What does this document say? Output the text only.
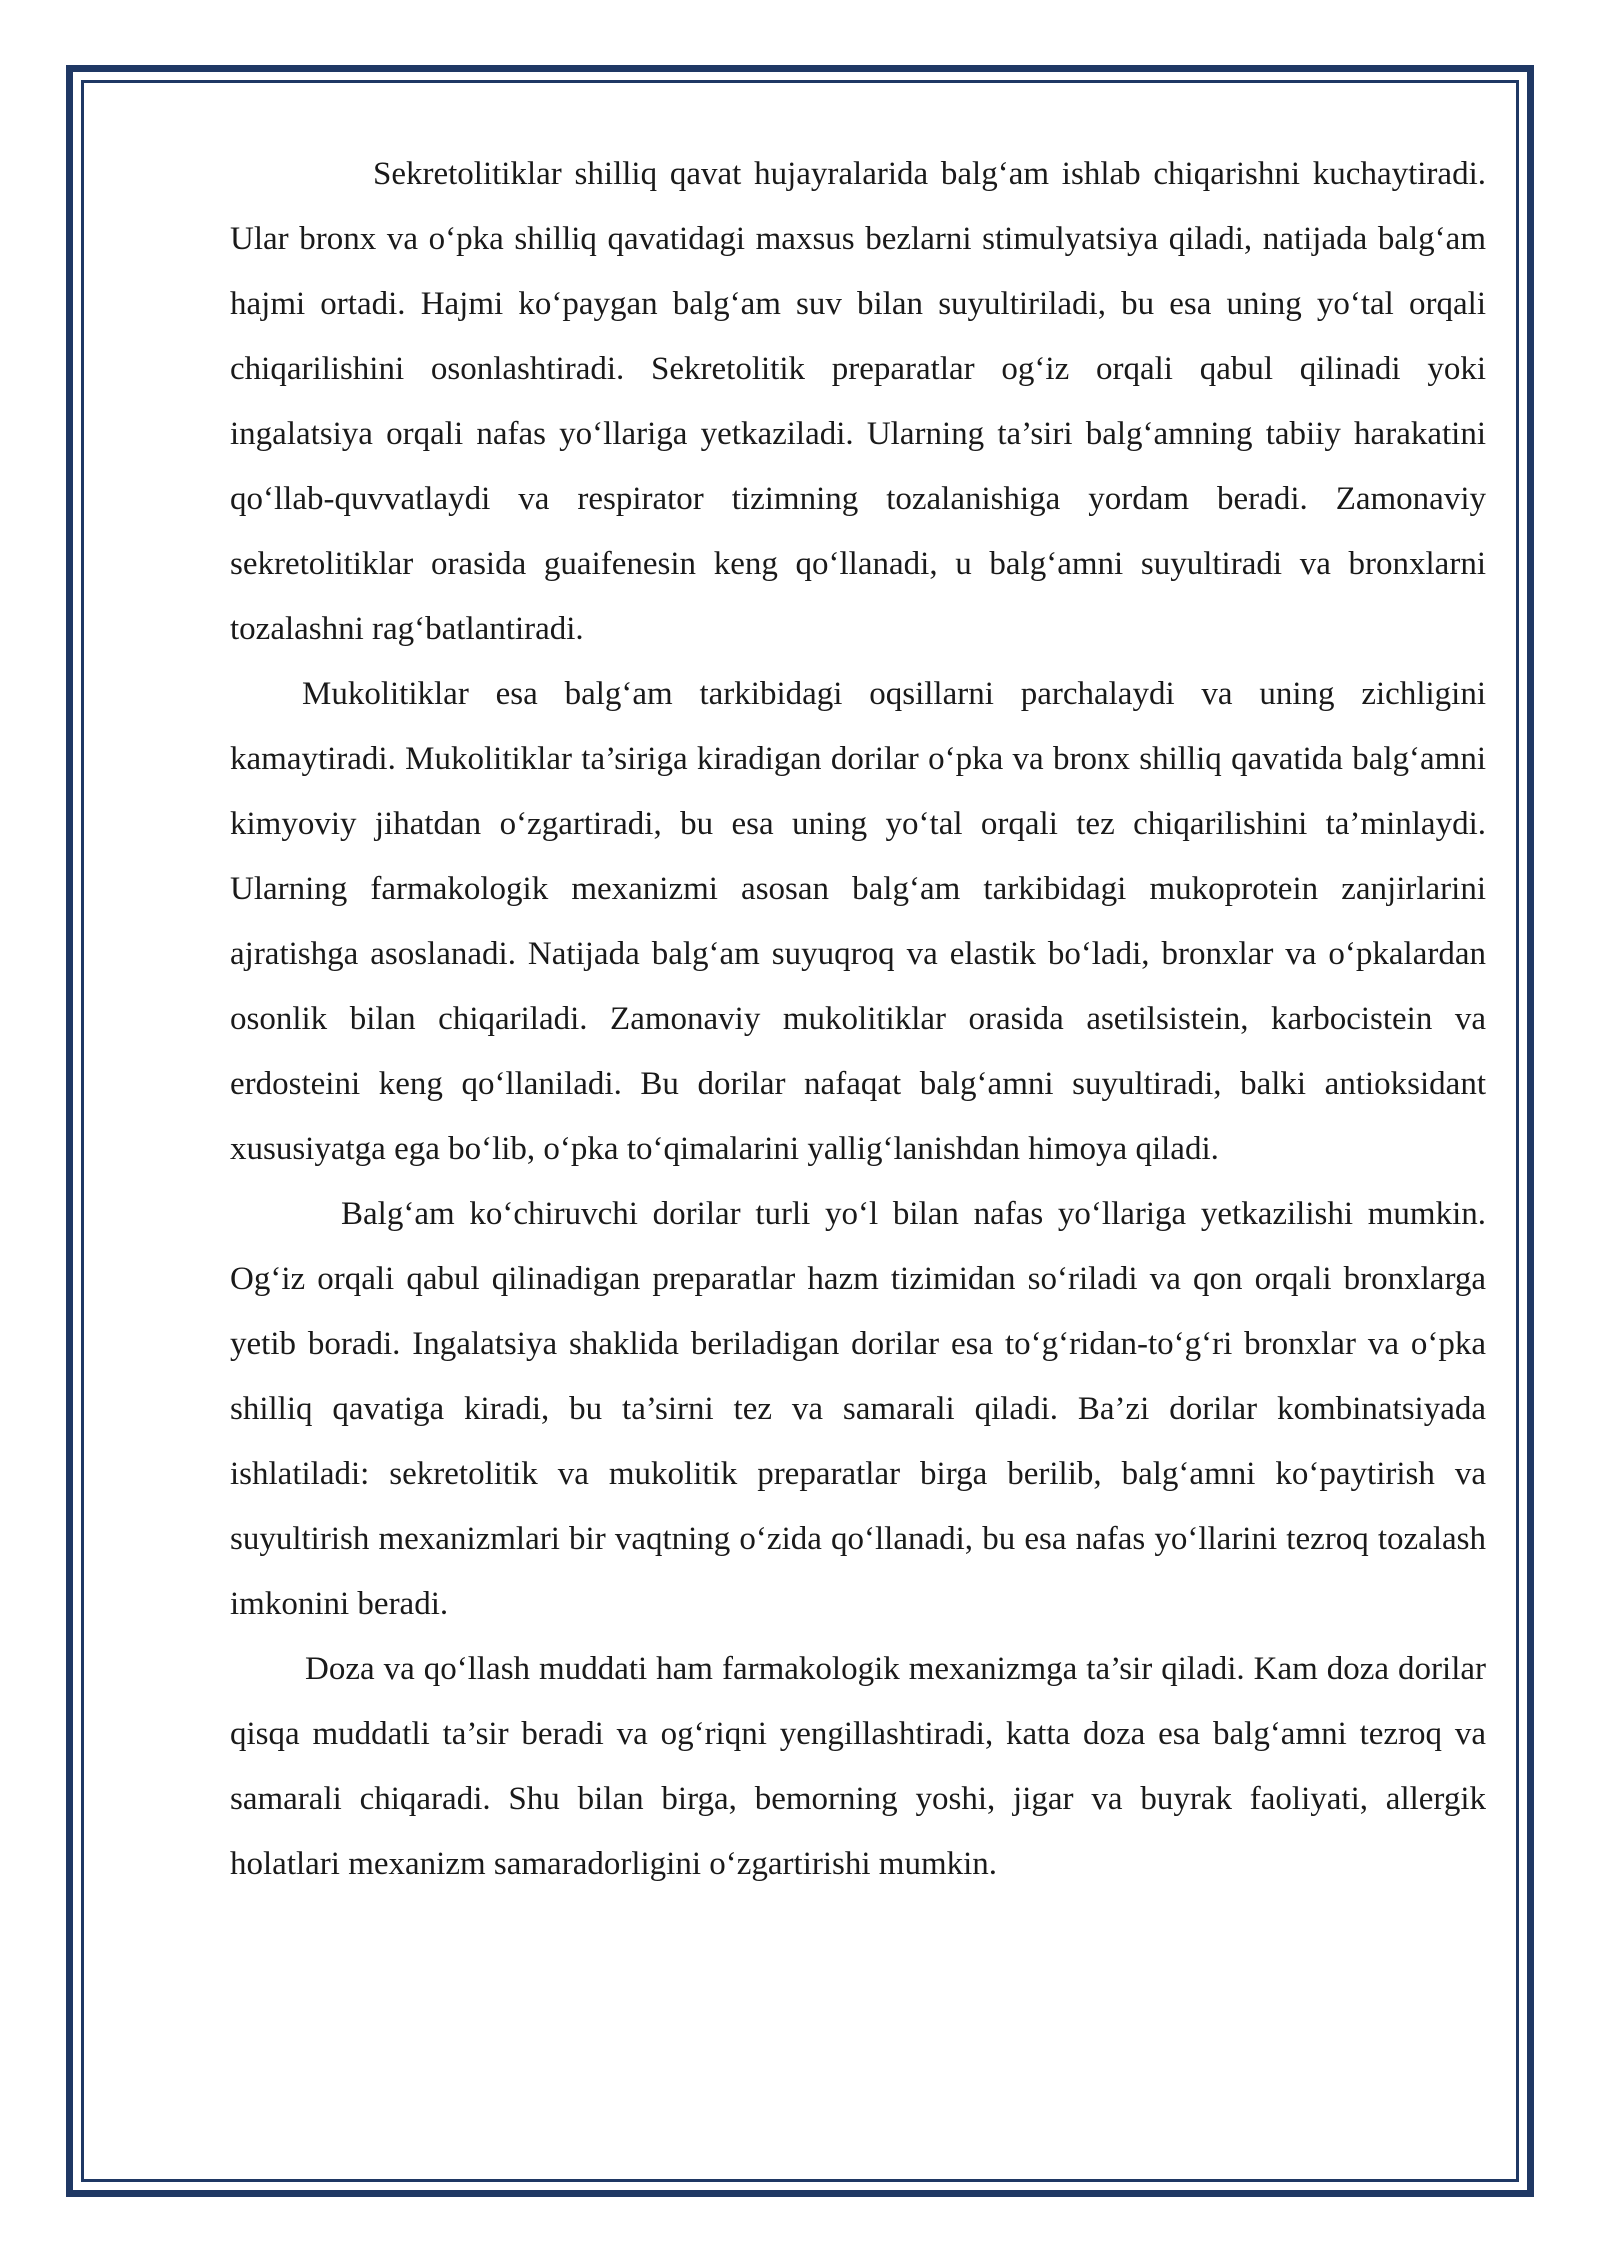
Sekretolitiklar shilliq qavat hujayralarida balg‘am ishlab chiqarishni kuchaytiradi. Ular bronx va o‘pka shilliq qavatidagi maxsus bezlarni stimulyatsiya qiladi, natijada balg‘am hajmi ortadi. Hajmi ko‘paygan balg‘am suv bilan suyultiriladi, bu esa uning yo‘tal orqali chiqarilishini osonlashtiradi. Sekretolitik preparatlar og‘iz orqali qabul qilinadi yoki ingalatsiya orqali nafas yo‘llariga yetkaziladi. Ularning ta’siri balg‘amning tabiiy harakatini qo‘llab-quvvatlaydi va respirator tizimning tozalanishiga yordam beradi. Zamonaviy sekretolitiklar orasida guaifenesin keng qo‘llanadi, u balg‘amni suyultiradi va bronxlarni tozalashni rag‘batlantiradi.

Mukolitiklar esa balg‘am tarkibidagi oqsillarni parchalaydi va uning zichligini kamaytiradi. Mukolitiklar ta’siriga kiradigan dorilar o‘pka va bronx shilliq qavatida balg‘amni kimyoviy jihatdan o‘zgartiradi, bu esa uning yo‘tal orqali tez chiqarilishini ta’minlaydi. Ularning farmakologik mexanizmi asosan balg‘am tarkibidagi mukoprotein zanjirlarini ajratishga asoslanadi. Natijada balg‘am suyuqroq va elastik bo‘ladi, bronxlar va o‘pkalardan osonlik bilan chiqariladi. Zamonaviy mukolitiklar orasida asetilsistein, karbocistein va erdosteini keng qo‘llaniladi. Bu dorilar nafaqat balg‘amni suyultiradi, balki antioksidant xususiyatga ega bo‘lib, o‘pka to‘qimalarini yallig‘lanishdan himoya qiladi.

Balg‘am ko‘chiruvchi dorilar turli yo‘l bilan nafas yo‘llariga yetkazilishi mumkin. Og‘iz orqali qabul qilinadigan preparatlar hazm tizimidan so‘riladi va qon orqali bronxlarga yetib boradi. Ingalatsiya shaklida beriladigan dorilar esa to‘g‘ridan-to‘g‘ri bronxlar va o‘pka shilliq qavatiga kiradi, bu ta’sirni tez va samarali qiladi. Ba’zi dorilar kombinatsiyada ishlatiladi: sekretolitik va mukolitik preparatlar birga berilib, balg‘amni ko‘paytirish va suyultirish mexanizmlari bir vaqtning o‘zida qo‘llanadi, bu esa nafas yo‘llarini tezroq tozalash imkonini beradi.

Doza va qo‘llash muddati ham farmakologik mexanizmga ta’sir qiladi. Kam doza dorilar qisqa muddatli ta’sir beradi va og‘riqni yengillashtiradi, katta doza esa balg‘amni tezroq va samarali chiqaradi. Shu bilan birga, bemorning yoshi, jigar va buyrak faoliyati, allergik holatlari mexanizm samaradorligini o‘zgartirishi mumkin.
